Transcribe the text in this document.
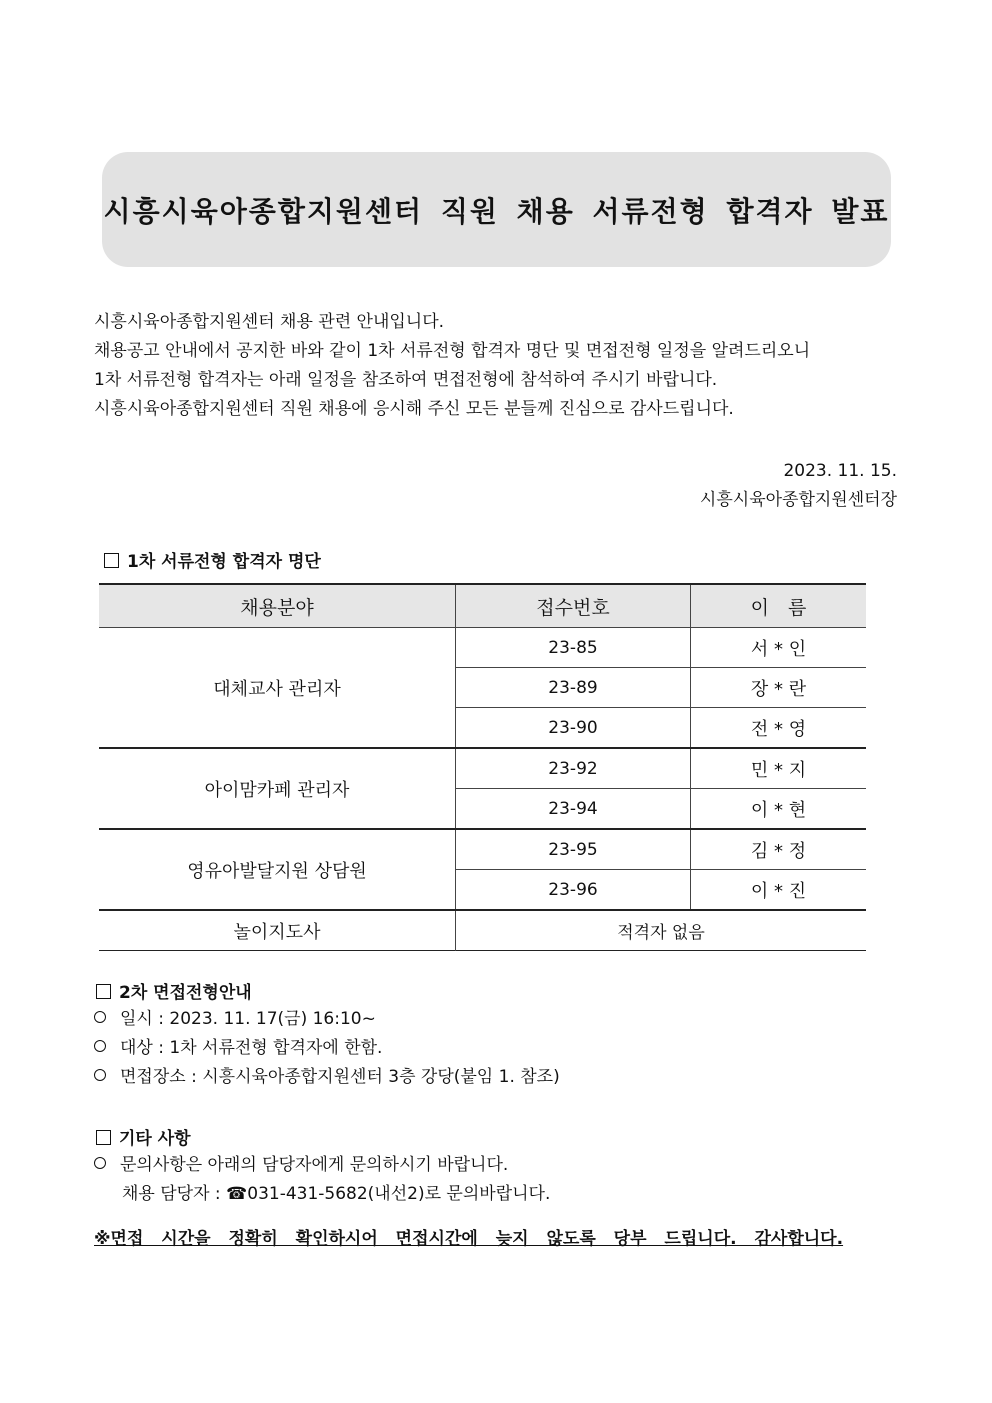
시흥시육아종합지원센터 직원 채용 서류전형 합격자 발표

시흥시육아종합지원센터 채용 관련 안내입니다.

채용공고 안내에서 공지한 바와 같이 1차 서류전형 합격자 명단 및 면접전형 일정을 알려드리오니

1차 서류전형 합격자는 아래 일정을 참조하여 면접전형에 참석하여 주시기 바랍니다.

시흥시육아종합지원센터 직원 채용에 응시해 주신 모든 분들께 진심으로 감사드립니다.

2023. 11. 15.
시흥시육아종합지원센터장
1차 서류전형 합격자 명단
채용분야	접수번호	이　름
대체교사 관리자	23-85	서 * 인
	23-89	장 * 란
	23-90	전 * 영
아이맘카페 관리자	23-92	민 * 지
	23-94	이 * 현
영유아발달지원 상담원	23-95	김 * 정
	23-96	이 * 진
놀이지도사	적격자 없음	
2차 면접전형안내
일시 : 2023. 11. 17(금) 16:10~
대상 : 1차 서류전형 합격자에 한함.
면접장소 : 시흥시육아종합지원센터 3층 강당(붙임 1. 참조)
기타 사항
문의사항은 아래의 담당자에게 문의하시기 바랍니다.
채용 담당자 : ☎031-431-5682(내선2)로 문의바랍니다.
※면접 시간을 정확히 확인하시어 면접시간에 늦지 않도록 당부 드립니다. 감사합니다.
